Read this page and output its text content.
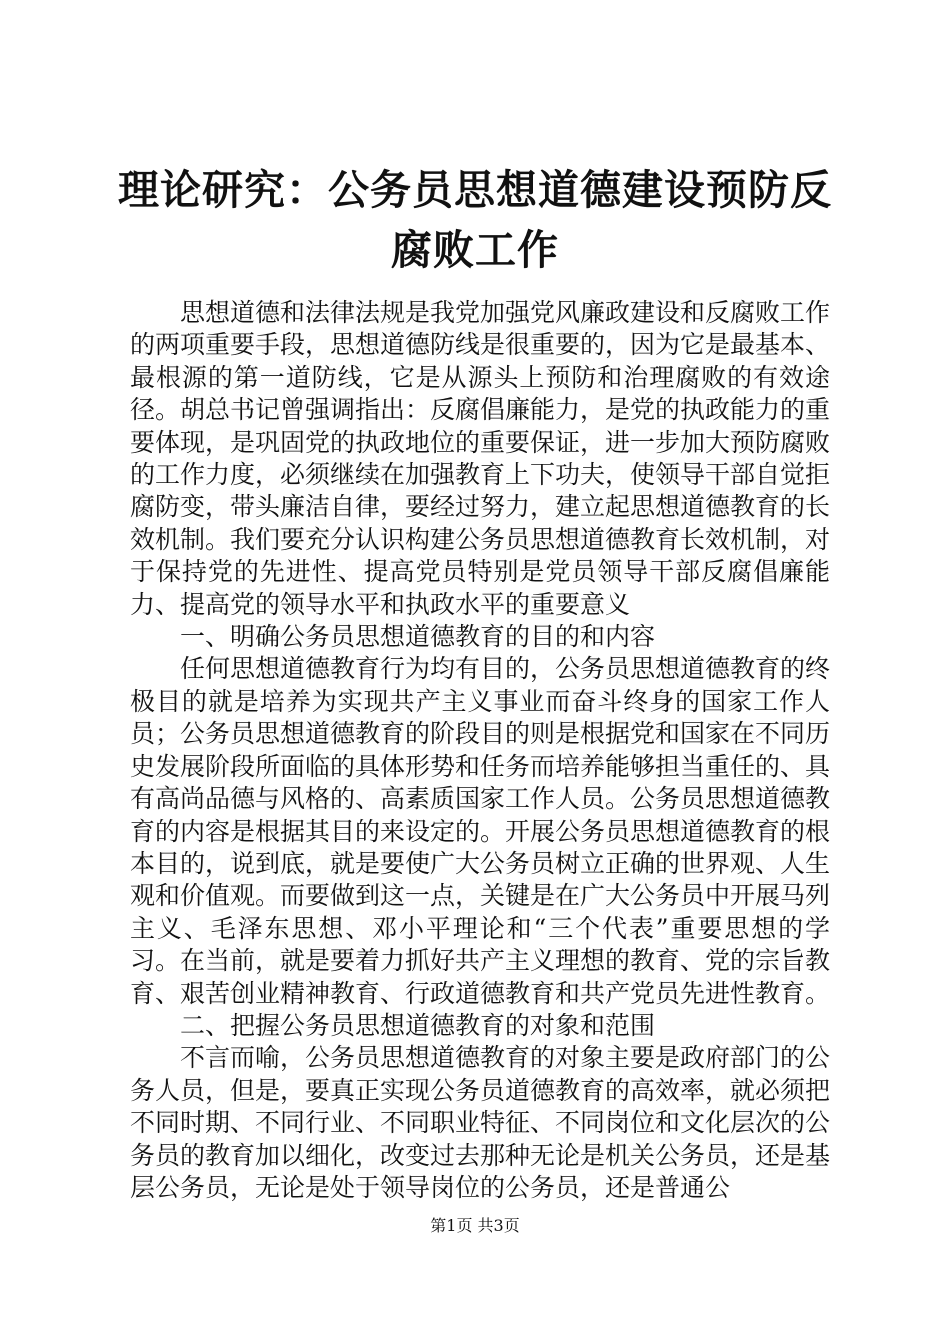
理论研究：公务员思想道德建设预防反腐败工作

思想道德和法律法规是我党加强党风廉政建设和反腐败工作的两项重要手段，思想道德防线是很重要的，因为它是最基本、最根源的第一道防线，它是从源头上预防和治理腐败的有效途径。胡总书记曾强调指出：反腐倡廉能力，是党的执政能力的重要体现，是巩固党的执政地位的重要保证，进一步加大预防腐败的工作力度，必须继续在加强教育上下功夫，使领导干部自觉拒腐防变，带头廉洁自律，要经过努力，建立起思想道德教育的长效机制。我们要充分认识构建公务员思想道德教育长效机制，对于保持党的先进性、提高党员特别是党员领导干部反腐倡廉能力、提高党的领导水平和执政水平的重要意义

一、明确公务员思想道德教育的目的和内容

任何思想道德教育行为均有目的，公务员思想道德教育的终极目的就是培养为实现共产主义事业而奋斗终身的国家工作人员；公务员思想道德教育的阶段目的则是根据党和国家在不同历史发展阶段所面临的具体形势和任务而培养能够担当重任的、具有高尚品德与风格的、高素质国家工作人员。公务员思想道德教育的内容是根据其目的来设定的。开展公务员思想道德教育的根本目的，说到底，就是要使广大公务员树立正确的世界观、人生观和价值观。而要做到这一点，关键是在广大公务员中开展马列主义、毛泽东思想、邓小平理论和“三个代表”重要思想的学习。在当前，就是要着力抓好共产主义理想的教育、党的宗旨教育、艰苦创业精神教育、行政道德教育和共产党员先进性教育。

二、把握公务员思想道德教育的对象和范围

不言而喻，公务员思想道德教育的对象主要是政府部门的公务人员，但是，要真正实现公务员道德教育的高效率，就必须把不同时期、不同行业、不同职业特征、不同岗位和文化层次的公务员的教育加以细化，改变过去那种无论是机关公务员，还是基层公务员，无论是处于领导岗位的公务员，还是普通公

第1页 共3页
